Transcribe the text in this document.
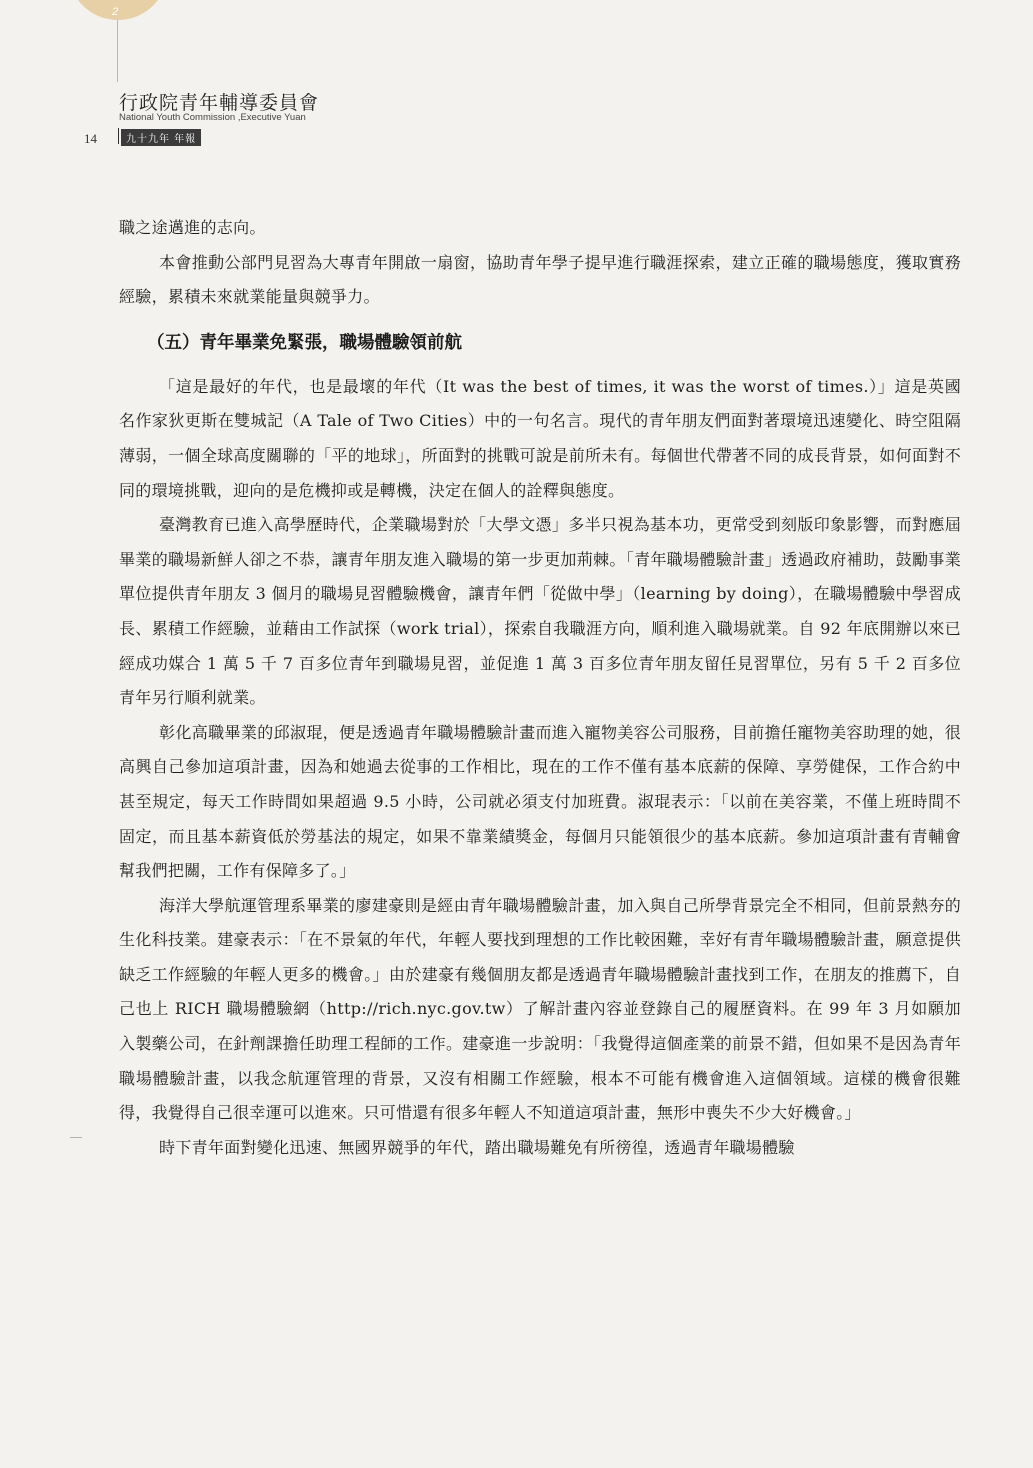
2
行政院青年輔導委員會
National Youth Commission ,Executive Yuan
九十九年 年報
14

職之途邁進的志向。

本會推動公部門見習為大專青年開啟一扇窗，協助青年學子提早進行職涯探索，建立正確的職場態度，獲取實務經驗，累積未來就業能量與競爭力。

（五）青年畢業免緊張，職場體驗領前航

「這是最好的年代，也是最壞的年代（It was the best of times, it was the worst of times.）」這是英國名作家狄更斯在雙城記（A Tale of Two Cities）中的一句名言。現代的青年朋友們面對著環境迅速變化、時空阻隔薄弱，一個全球高度關聯的「平的地球」，所面對的挑戰可說是前所未有。每個世代帶著不同的成長背景，如何面對不同的環境挑戰，迎向的是危機抑或是轉機，決定在個人的詮釋與態度。

臺灣教育已進入高學歷時代，企業職場對於「大學文憑」多半只視為基本功，更常受到刻版印象影響，而對應屆畢業的職場新鮮人卻之不恭，讓青年朋友進入職場的第一步更加荊棘。「青年職場體驗計畫」透過政府補助，鼓勵事業單位提供青年朋友 3 個月的職場見習體驗機會，讓青年們「從做中學」（learning by doing），在職場體驗中學習成長、累積工作經驗，並藉由工作試探（work trial），探索自我職涯方向，順利進入職場就業。自 92 年底開辦以來已經成功媒合 1 萬 5 千 7 百多位青年到職場見習，並促進 1 萬 3 百多位青年朋友留任見習單位，另有 5 千 2 百多位青年另行順利就業。

彰化高職畢業的邱淑琨，便是透過青年職場體驗計畫而進入寵物美容公司服務，目前擔任寵物美容助理的她，很高興自己參加這項計畫，因為和她過去從事的工作相比，現在的工作不僅有基本底薪的保障、享勞健保，工作合約中甚至規定，每天工作時間如果超過 9.5 小時，公司就必須支付加班費。淑琨表示：「以前在美容業，不僅上班時間不固定，而且基本薪資低於勞基法的規定，如果不靠業績獎金，每個月只能領很少的基本底薪。參加這項計畫有青輔會幫我們把關，工作有保障多了。」

海洋大學航運管理系畢業的廖建豪則是經由青年職場體驗計畫，加入與自己所學背景完全不相同，但前景熱夯的生化科技業。建豪表示：「在不景氣的年代，年輕人要找到理想的工作比較困難，幸好有青年職場體驗計畫，願意提供缺乏工作經驗的年輕人更多的機會。」由於建豪有幾個朋友都是透過青年職場體驗計畫找到工作，在朋友的推薦下，自己也上 RICH 職場體驗網（http://rich.nyc.gov.tw）了解計畫內容並登錄自己的履歷資料。在 99 年 3 月如願加入製藥公司，在針劑課擔任助理工程師的工作。建豪進一步說明：「我覺得這個產業的前景不錯，但如果不是因為青年職場體驗計畫，以我念航運管理的背景，又沒有相關工作經驗，根本不可能有機會進入這個領域。這樣的機會很難得，我覺得自己很幸運可以進來。只可惜還有很多年輕人不知道這項計畫，無形中喪失不少大好機會。」

時下青年面對變化迅速、無國界競爭的年代，踏出職場難免有所徬徨，透過青年職場體驗
